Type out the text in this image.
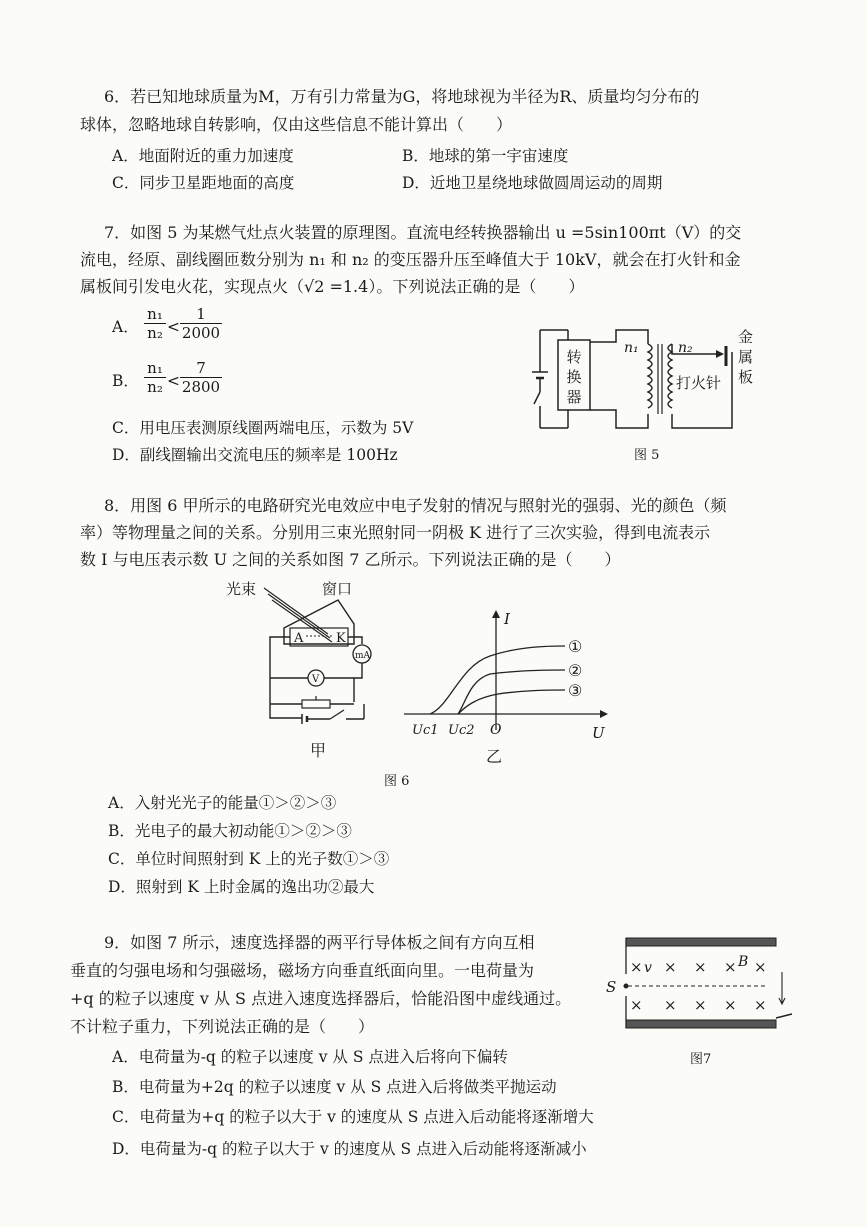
6．若已知地球质量为M，万有引力常量为G，将地球视为半径为R、质量均匀分布的
球体，忽略地球自转影响，仅由这些信息不能计算出（　　）
A．地面附近的重力加速度	B．地球的第一宇宙速度
C．同步卫星距地面的高度	D．近地卫星绕地球做圆周运动的周期
7．如图 5 为某燃气灶点火装置的原理图。直流电经转换器输出 u =5sin100πt（V）的交
流电，经原、副线圈匝数分别为 n₁ 和 n₂ 的变压器升压至峰值大于 10kV，就会在打火针和金
属板间引发电火花，实现点火（√2 =1.4）。下列说法正确的是（　　）
A．
n₁
n₂ <
1
2000
B．
n₁
n₂ <
7
2800
C．用电压表测原线圈两端电压，示数为 5V
D．副线圈输出交流电压的频率是 100Hz
转
换
器
n₁	n₂
打火针
金
属
板
图 5
8．用图 6 甲所示的电路研究光电效应中电子发射的情况与照射光的强弱、光的颜色（频
率）等物理量之间的关系。分别用三束光照射同一阴极 K 进行了三次实验，得到电流表示
数 I 与电压表示数 U 之间的关系如图 7 乙所示。下列说法正确的是（　　）
光束	窗口
A	K
mA
V
甲
I
U
O
Uc1 Uc2
①
②
③
乙
图 6
A．入射光光子的能量①＞②＞③
B．光电子的最大初动能①＞②＞③
C．单位时间照射到 K 上的光子数①＞③
D．照射到 K 上时金属的逸出功②最大
9．如图 7 所示，速度选择器的两平行导体板之间有方向互相
垂直的匀强电场和匀强磁场，磁场方向垂直纸面向里。一电荷量为
+q 的粒子以速度 v 从 S 点进入速度选择器后，恰能沿图中虚线通过。
不计粒子重力，下列说法正确的是（　　）
S
× v × × × B ×
× × × × ×
图7
A．电荷量为-q 的粒子以速度 v 从 S 点进入后将向下偏转
B．电荷量为+2q 的粒子以速度 v 从 S 点进入后将做类平抛运动
C．电荷量为+q 的粒子以大于 v 的速度从 S 点进入后动能将逐渐增大
D．电荷量为-q 的粒子以大于 v 的速度从 S 点进入后动能将逐渐减小
